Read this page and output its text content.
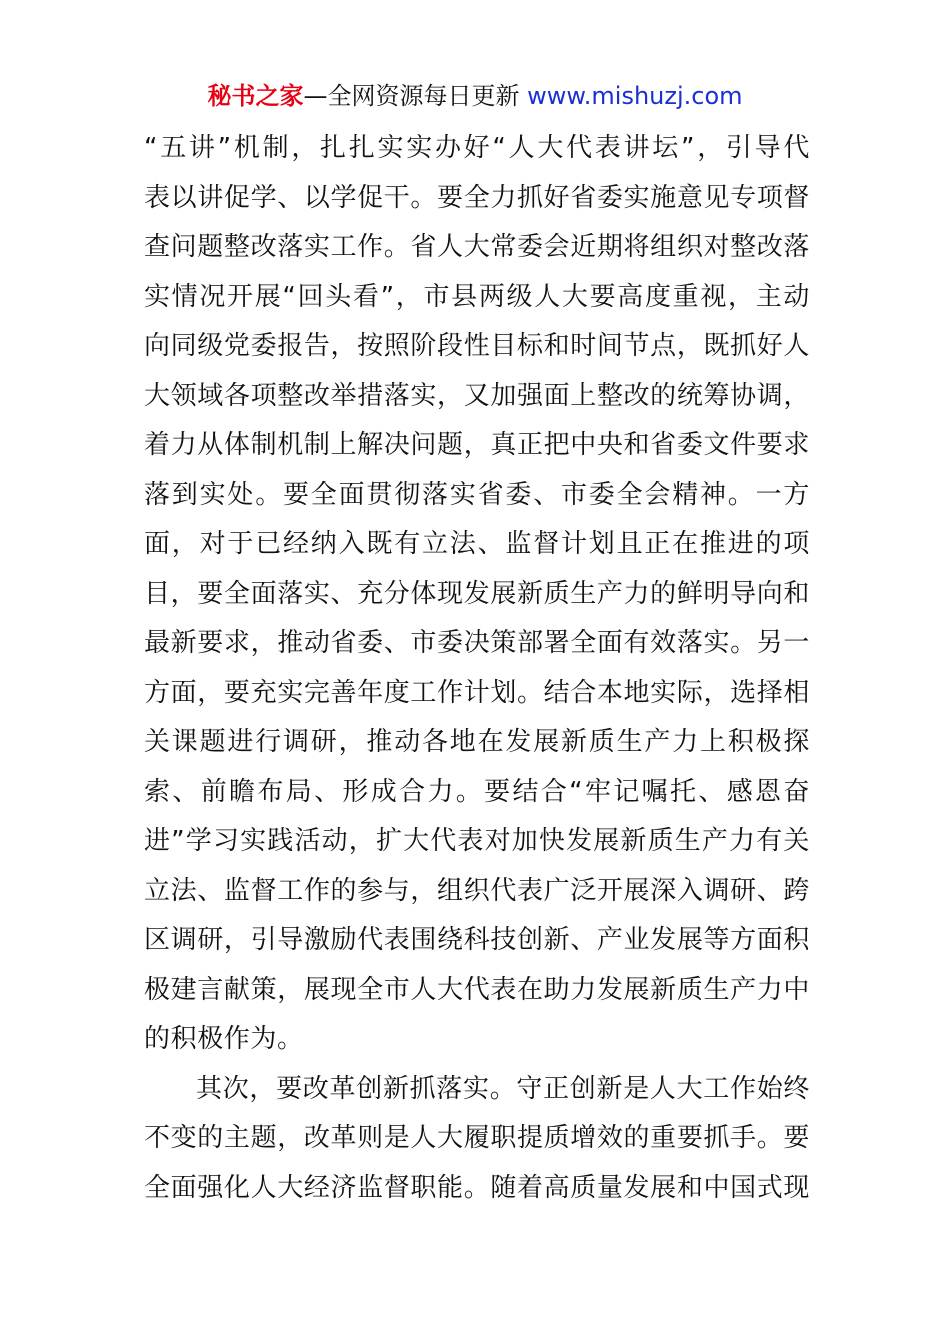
秘书之家—全网资源每日更新 www.mishuzj.com
“五讲”机制，扎扎实实办好“人大代表讲坛”，引导代
表以讲促学、以学促干。要全力抓好省委实施意见专项督
查问题整改落实工作。省人大常委会近期将组织对整改落
实情况开展“回头看”，市县两级人大要高度重视，主动
向同级党委报告，按照阶段性目标和时间节点，既抓好人
大领域各项整改举措落实，又加强面上整改的统筹协调，
着力从体制机制上解决问题，真正把中央和省委文件要求
落到实处。要全面贯彻落实省委、市委全会精神。一方
面，对于已经纳入既有立法、监督计划且正在推进的项
目，要全面落实、充分体现发展新质生产力的鲜明导向和
最新要求，推动省委、市委决策部署全面有效落实。另一
方面，要充实完善年度工作计划。结合本地实际，选择相
关课题进行调研，推动各地在发展新质生产力上积极探
索、前瞻布局、形成合力。要结合“牢记嘱托、感恩奋
进”学习实践活动，扩大代表对加快发展新质生产力有关
立法、监督工作的参与，组织代表广泛开展深入调研、跨
区调研，引导激励代表围绕科技创新、产业发展等方面积
极建言献策，展现全市人大代表在助力发展新质生产力中
的积极作为。
其次，要改革创新抓落实。守正创新是人大工作始终
不变的主题，改革则是人大履职提质增效的重要抓手。要
全面强化人大经济监督职能。随着高质量发展和中国式现
